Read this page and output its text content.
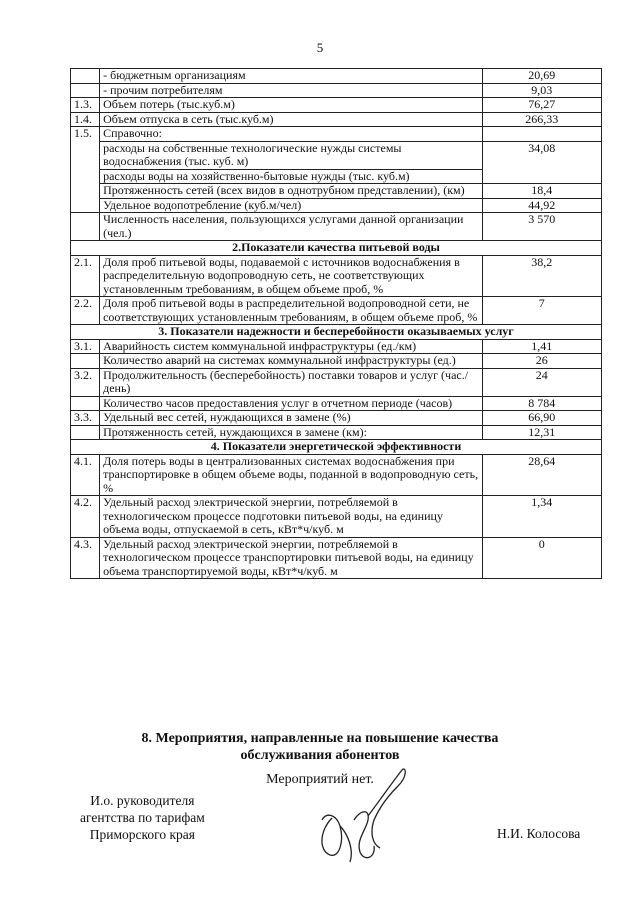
5
	- бюджетным организациям	20,69
	- прочим потребителям	9,03
1.3.	Объем потерь (тыс.куб.м)	76,27
1.4.	Объем отпуска в сеть (тыс.куб.м)	266,33
1.5.	Справочно:	
	расходы на собственные технологические нужды системы водоснабжения (тыс. куб. м)	34,08
	расходы воды на хозяйственно-бытовые нужды (тыс. куб.м)	
	Протяженность сетей (всех видов в однотрубном представлении), (км)	18,4
	Удельное водопотребление (куб.м/чел)	44,92
	Численность населения, пользующихся услугами данной организации (чел.)	3 570
2.Показатели качества питьевой воды		
2.1.	Доля проб питьевой воды, подаваемой с источников водоснабжения в распределительную водопроводную сеть, не соответствующих установленным требованиям, в общем объеме проб, %	38,2
2.2.	Доля проб питьевой воды в распределительной водопроводной сети, не соответствующих установленным требованиям, в общем объеме проб, %	7
3. Показатели надежности и бесперебойности оказываемых услуг		
3.1.	Аварийность систем коммунальной инфраструктуры (ед./км)	1,41
	Количество аварий на системах коммунальной инфраструктуры (ед.)	26
3.2.	Продолжительность (бесперебойность) поставки товаров и услуг (час./день)	24
	Количество часов предоставления услуг в отчетном периоде (часов)	8 784
3.3.	Удельный вес сетей, нуждающихся в замене (%)	66,90
	Протяженность сетей, нуждающихся в замене (км):	12,31
4. Показатели энергетической эффективности		
4.1.	Доля потерь воды в централизованных системах водоснабжения при транспортировке в общем объеме воды, поданной в водопроводную сеть, %	28,64
4.2.	Удельный расход электрической энергии, потребляемой в технологическом процессе подготовки питьевой воды, на единицу объема воды, отпускаемой в сеть, кВт*ч/куб. м	1,34
4.3.	Удельный расход электрической энергии, потребляемой в технологическом процессе транспортировки питьевой воды, на единицу объема транспортируемой воды, кВт*ч/куб. м	0
8. Мероприятия, направленные на повышение качества
обслуживания абонентов
Мероприятий нет.
И.о. руководителя
агентства по тарифам
Приморского края	Н.И. Колосова
